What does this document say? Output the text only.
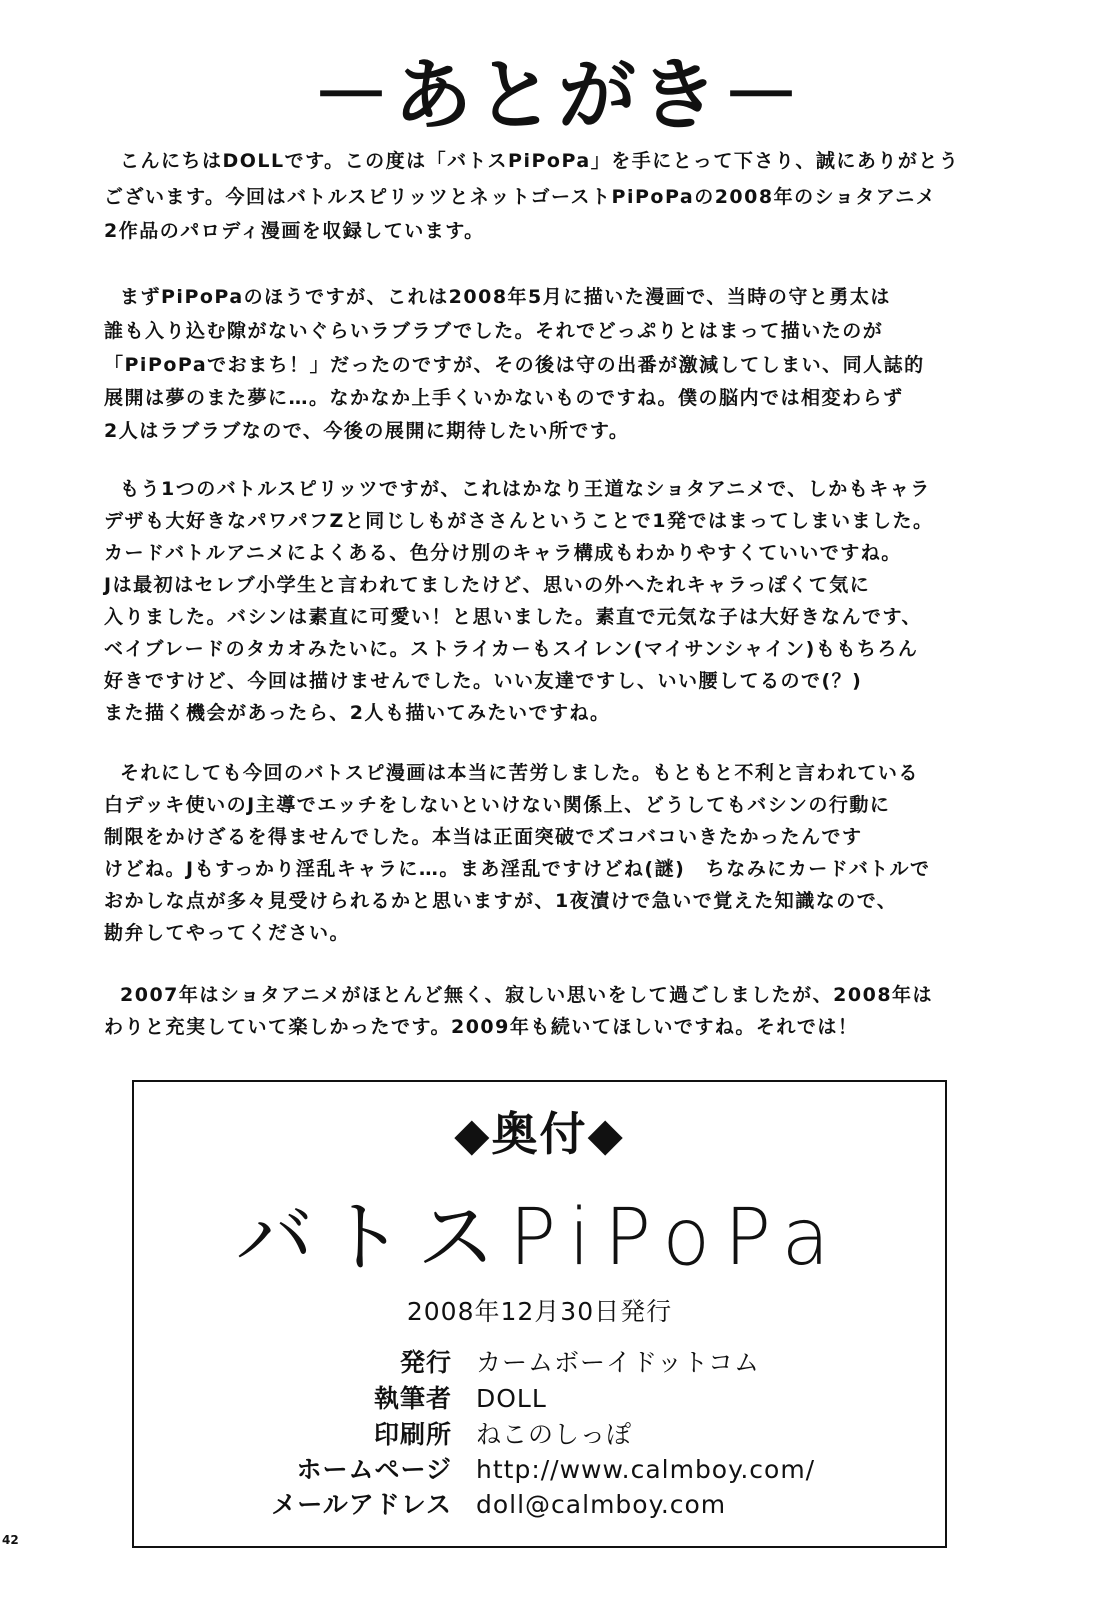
－あとがき－
こんにちはDOLLです。この度は「バトスPiPoPa」を手にとって下さり、誠にありがとう
ございます。今回はバトルスピリッツとネットゴーストPiPoPaの2008年のショタアニメ
2作品のパロディ漫画を収録しています。
まずPiPoPaのほうですが、これは2008年5月に描いた漫画で、当時の守と勇太は
誰も入り込む隙がないぐらいラブラブでした。それでどっぷりとはまって描いたのが
「PiPoPaでおまち！」だったのですが、その後は守の出番が激減してしまい、同人誌的
展開は夢のまた夢に…。なかなか上手くいかないものですね。僕の脳内では相変わらず
2人はラブラブなので、今後の展開に期待したい所です。
もう1つのバトルスピリッツですが、これはかなり王道なショタアニメで、しかもキャラ
デザも大好きなパワパフZと同じしもがささんということで1発ではまってしまいました。
カードバトルアニメによくある、色分け別のキャラ構成もわかりやすくていいですね。
Jは最初はセレブ小学生と言われてましたけど、思いの外へたれキャラっぽくて気に
入りました。バシンは素直に可愛い！と思いました。素直で元気な子は大好きなんです、
ベイブレードのタカオみたいに。ストライカーもスイレン(マイサンシャイン)ももちろん
好きですけど、今回は描けませんでした。いい友達ですし、いい腰してるので(？)
また描く機会があったら、2人も描いてみたいですね。
それにしても今回のバトスピ漫画は本当に苦労しました。もともと不利と言われている
白デッキ使いのJ主導でエッチをしないといけない関係上、どうしてもバシンの行動に
制限をかけざるを得ませんでした。本当は正面突破でズコバコいきたかったんです
けどね。Jもすっかり淫乱キャラに…。まあ淫乱ですけどね(謎)　ちなみにカードバトルで
おかしな点が多々見受けられるかと思いますが、1夜漬けで急いで覚えた知識なので、
勘弁してやってください。
2007年はショタアニメがほとんど無く、寂しい思いをして過ごしましたが、2008年は
わりと充実していて楽しかったです。2009年も続いてほしいですね。それでは！
◆奥付◆
バトスPiPoPa
2008年12月30日発行
発行 カームボーイドットコム
執筆者 DOLL
印刷所 ねこのしっぽ
ホームページ http://www.calmboy.com/
メールアドレス doll@calmboy.com
42
